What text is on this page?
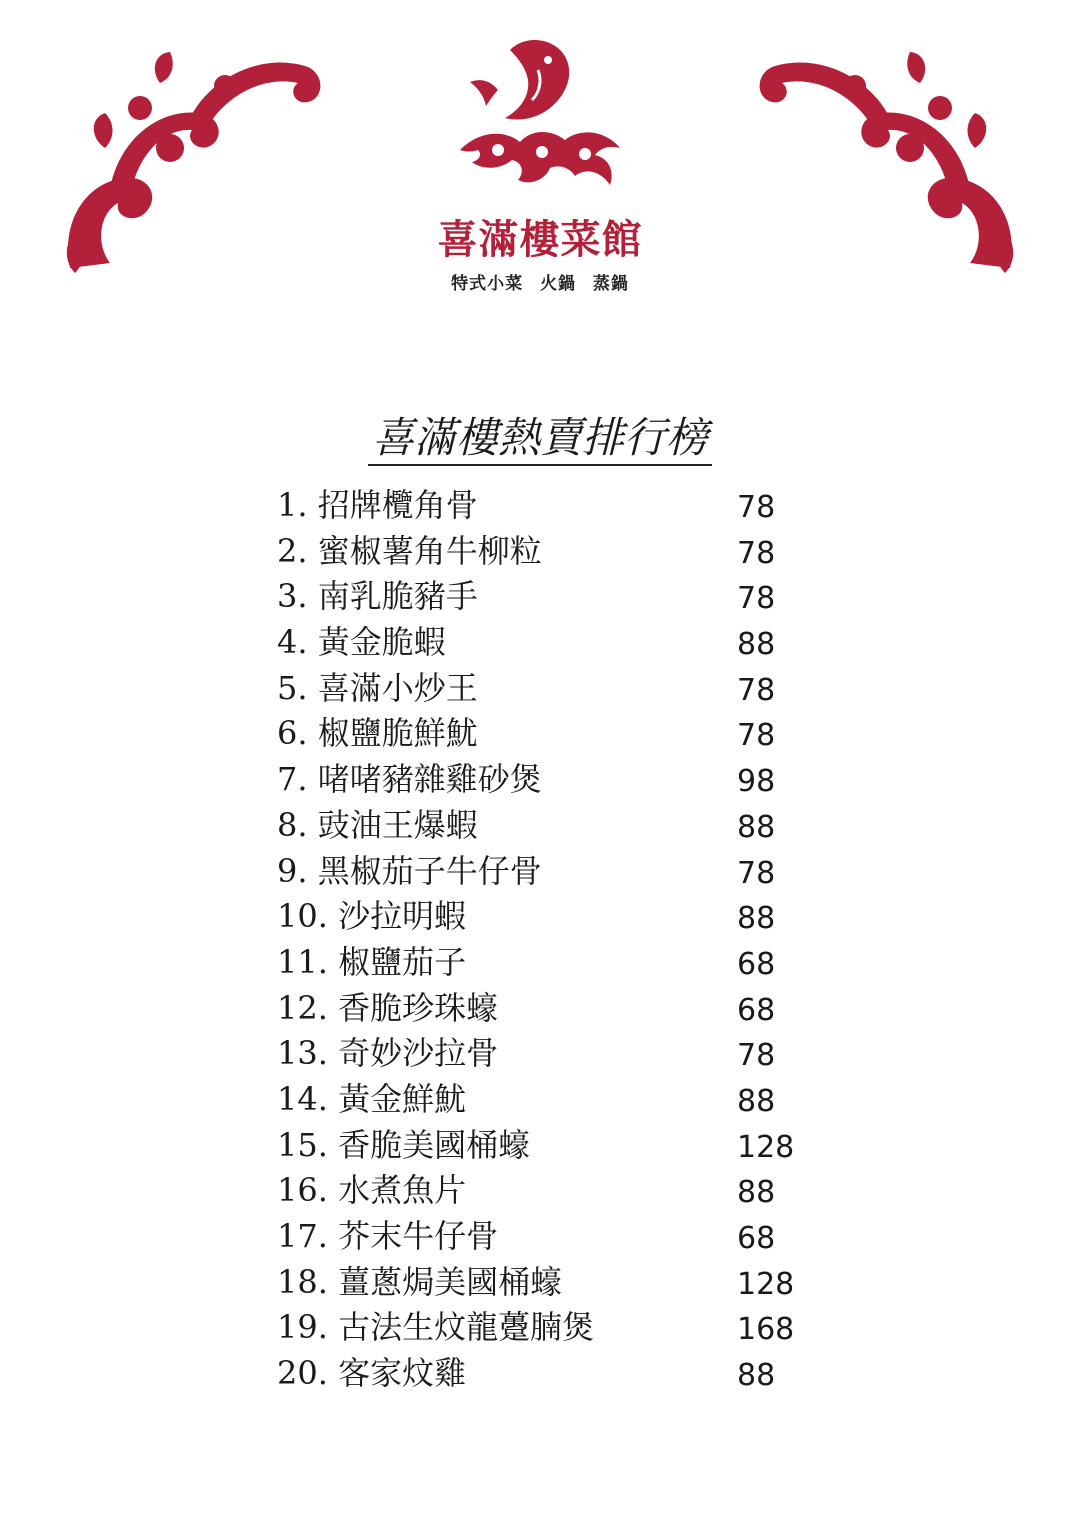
喜滿樓菜館
特式小菜 火鍋 蒸鍋
喜滿樓熱賣排行榜
1. 招牌欖角骨	78
2. 蜜椒薯角牛柳粒	78
3. 南乳脆豬手	78
4. 黃金脆蝦	88
5. 喜滿小炒王	78
6. 椒鹽脆鮮魷	78
7. 啫啫豬雜雞砂煲	98
8. 豉油王爆蝦	88
9. 黑椒茄子牛仔骨	78
10. 沙拉明蝦	88
11. 椒鹽茄子	68
12. 香脆珍珠蠔	68
13. 奇妙沙拉骨	78
14. 黃金鮮魷	88
15. 香脆美國桶蠔	128
16. 水煮魚片	88
17. 芥末牛仔骨	68
18. 薑蔥焗美國桶蠔	128
19. 古法生炆龍躉腩煲	168
20. 客家炆雞	88
